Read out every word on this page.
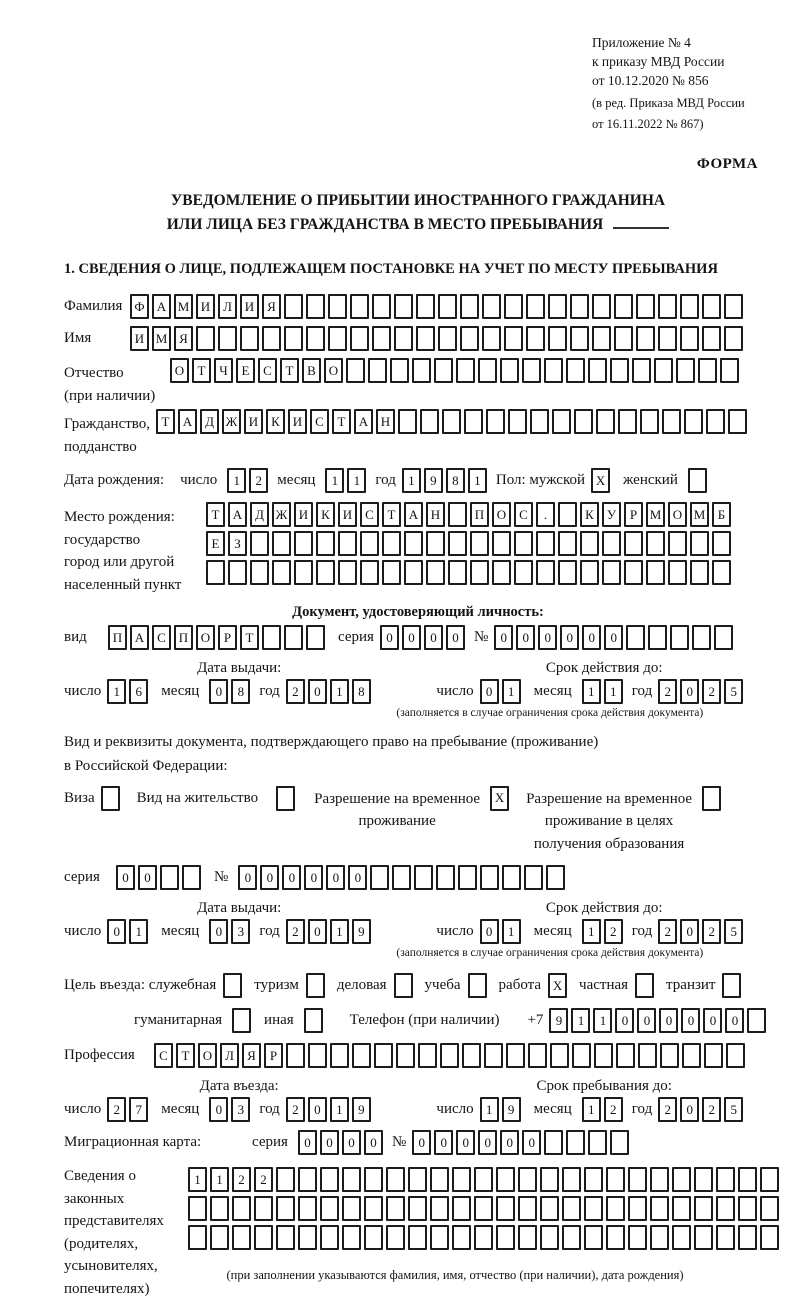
Приложение № 4
к приказу МВД России
от 10.12.2020 № 856
(в ред. Приказа МВД России
от 16.11.2022 № 867)
ФОРМА
УВЕДОМЛЕНИЕ О ПРИБЫТИИ ИНОСТРАННОГО ГРАЖДАНИНА
ИЛИ ЛИЦА БЕЗ ГРАЖДАНСТВА В МЕСТО ПРЕБЫВАНИЯ
1. СВЕДЕНИЯ О ЛИЦЕ, ПОДЛЕЖАЩЕМ ПОСТАНОВКЕ НА УЧЕТ ПО МЕСТУ ПРЕБЫВАНИЯ
Фамилия Ф А М И Л И Я
Имя	И М Я
Отчество
(при наличии)
О	Т	Ч	Е	С	Т	В О
Гражданство,
подданство
Т	А Д Ж И К И С	Т	А Н
Дата рождения: число	1	2	месяц	1	1	год 1	9	8	1	Пол: мужской X	женский
Место рождения:
государство
город или другой
населенный пункт
Т	А Д Ж И К И С	Т	А Н	П О С	.	К	У	Р М О М Б
Е	З
Документ, удостоверяющий личность:
вид	П А С П О	Р	Т	серия 0	0	0	0	№ 0	0	0	0	0	0
Дата выдачи:
число 1	6	месяц	0	8	год 2	0	1	8
Срок действия до:
число 0	1	месяц	1	1	год 2	0	2	5
(заполняется в случае ограничения срока действия документа)
Вид и реквизиты документа, подтверждающего право на пребывание (проживание)
в Российской Федерации:
Виза	Вид на жительство	Разрешение на временное
проживание
X	Разрешение на временное
проживание в целях
получения образования
серия	0	0	№	0	0	0	0	0	0
Дата выдачи:
число 0	1	месяц	0	3	год 2	0	1	9
Срок действия до:
число 0	1	месяц	1	2	год 2	0	2	5
(заполняется в случае ограничения срока действия документа)
Цель въезда: служебная	туризм	деловая	учеба	работа X	частная	транзит
гуманитарная	иная	Телефон (при наличии) +7 9	1	1	0	0	0	0	0	0
Профессия	С	Т	О Л	Я	Р
Дата въезда:
число 2	7	месяц	0	3	год 2	0	1	9
Срок пребывания до:
число 1	9	месяц	1	2	год 2	0	2	5
Миграционная карта:	серия	0	0	0	0	№ 0	0	0	0	0	0
Сведения о
законных
представителях
(родителях,
усыновителях,
попечителях)
1	1	2	2
(при заполнении указываются фамилия, имя, отчество (при наличии), дата рождения)
